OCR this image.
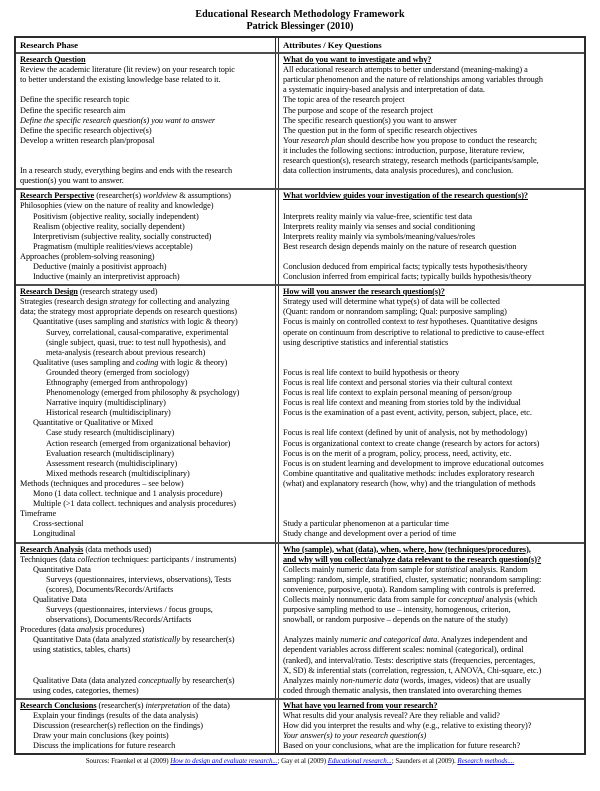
Educational Research Methodology Framework
Patrick Blessinger (2010)
Research Phase	Attributes / Key Questions
Research Question
Review the academic literature (lit review) on your research topic
to better understand the existing knowledge base related to it.

Define the specific research topic
Define the specific research aim
Define the specific research question(s) you want to answer
Define the specific research objective(s)
Develop a written research plan/proposal

In a research study, everything begins and ends with the research
question(s) you want to answer.
What do you want to investigate and why?
All educational research attempts to better understand (meaning-making) a
particular phenomenon and the nature of relationships among variables through
a systematic inquiry-based analysis and interpretation of data.
The topic area of the research project
The purpose and scope of the research project
The specific research question(s) you want to answer
The question put in the form of specific research objectives
Your research plan should describe how you propose to conduct the research;
it includes the following sections: introduction, purpose, literature review,
research question(s), research strategy, research methods (participants/sample,
data collection instruments, data analysis procedures), and conclusion.
Research Perspective (researcher(s) worldview & assumptions)
Philosophies (view on the nature of reality and knowledge)
Positivism (objective reality, socially independent)
Realism (objective reality, socially dependent)
Interpretivism (subjective reality, socially constructed)
Pragmatism (multiple realities/views acceptable)
Approaches (problem-solving reasoning)
Deductive (mainly a positivist approach)
Inductive (mainly an interpretivist approach)
What worldview guides your investigation of the research question(s)?

Interprets reality mainly via value-free, scientific test data
Interprets reality mainly via senses and social conditioning
Interprets reality mainly via symbols/meaning/values/roles
Best research design depends mainly on the nature of research question

Conclusion deduced from empirical facts; typically tests hypothesis/theory
Conclusion inferred from empirical facts; typically builds hypothesis/theory
Research Design (research strategy used)
Strategies (research design strategy for collecting and analyzing
data; the strategy most appropriate depends on research questions)
Quantitative (uses sampling and statistics with logic & theory)
Survey, correlational, causal-comparative, experimental
(single subject, quasi, true: to test null hypothesis), and
meta-analysis (research about previous research)
Qualitative (uses sampling and coding with logic & theory)
Grounded theory (emerged from sociology)
Ethnography (emerged from anthropology)
Phenomenology (emerged from philosophy & psychology)
Narrative inquiry (multidisciplinary)
Historical research (multidisciplinary)
Quantitative or Qualitative or Mixed
Case study research (multidisciplinary)
Action research (emerged from organizational behavior)
Evaluation research (multidisciplinary)
Assessment research (multidisciplinary)
Mixed methods research (multidisciplinary)
Methods (techniques and procedures – see below)
Mono (1 data collect. technique and 1 analysis procedure)
Multiple (>1 data collect. techniques and analysis procedures)
Timeframe
Cross-sectional
Longitudinal
How will you answer the research question(s)?
Strategy used will determine what type(s) of data will be collected
(Quant: random or nonrandom sampling; Qual: purposive sampling)
Focus is mainly on controlled context to test hypotheses. Quantitative designs
operate on continuum from descriptive to relational to predictive to cause-effect
using descriptive statistics and inferential statistics

Focus is real life context to build hypothesis or theory
Focus is real life context and personal stories via their cultural context
Focus is real life context to explain personal meaning of person/group
Focus is real life context and meaning from stories told by the individual
Focus is the examination of a past event, activity, person, subject, place, etc.

Focus is real life context (defined by unit of analysis, not by methodology)
Focus is organizational context to create change (research by actors for actors)
Focus is on the merit of a program, policy, process, need, activity, etc.
Focus is on student learning and development to improve educational outcomes
Combine quantitative and qualitative methods: includes exploratory research
(what) and explanatory research (how, why) and the triangulation of methods

Study a particular phenomenon at a particular time
Study change and development over a period of time
Research Analysis (data methods used)
Techniques (data collection techniques: participants / instruments)
Quantitative Data
Surveys (questionnaires, interviews, observations), Tests
(scores), Documents/Records/Artifacts
Qualitative Data
Surveys (questionnaires, interviews / focus groups,
observations), Documents/Records/Artifacts
Procedures (data analysis procedures)
Quantitative Data (data analyzed statistically by researcher(s)
using statistics, tables, charts)

Qualitative Data (data analyzed conceptually by researcher(s)
using codes, categories, themes)
Who (sample), what (data), when, where, how (techniques/procedures),
and why will you collect/analyze data relevant to the research question(s)?
Collects mainly numeric data from sample for statistical analysis. Random
sampling: random, simple, stratified, cluster, systematic; nonrandom sampling:
convenience, purposive, quota). Random sampling with controls is preferred.
Collects mainly nonnumeric data from sample for conceptual analysis (which
purposive sampling method to use – intensity, homogenous, criterion,
snowball, or random purposive – depends on the nature of the study)

Analyzes mainly numeric and categorical data. Analyzes independent and
dependent variables across different scales: nominal (categorical), ordinal
(ranked), and interval/ratio. Tests: descriptive stats (frequencies, percentages,
X, SD) & inferential stats (correlation, regression, t, ANOVA, Chi-square, etc.)
Analyzes mainly non-numeric data (words, images, videos) that are usually
coded through thematic analysis, then translated into overarching themes
Research Conclusions (researcher(s) interpretation of the data)
Explain your findings (results of the data analysis)
Discussion (researcher(s) reflection on the findings)
Draw your main conclusions (key points)
Discuss the implications for future research
What have you learned from your research?
What results did your analysis reveal? Are they reliable and valid?
How did you interpret the results and why (e.g., relative to existing theory)?
Your answer(s) to your research question(s)
Based on your conclusions, what are the implication for future research?
Sources: Fraenkel et al (2009) How to design and evaluate research...; Gay et al (2009) Educational research...; Saunders et al (2009). Research methods....
